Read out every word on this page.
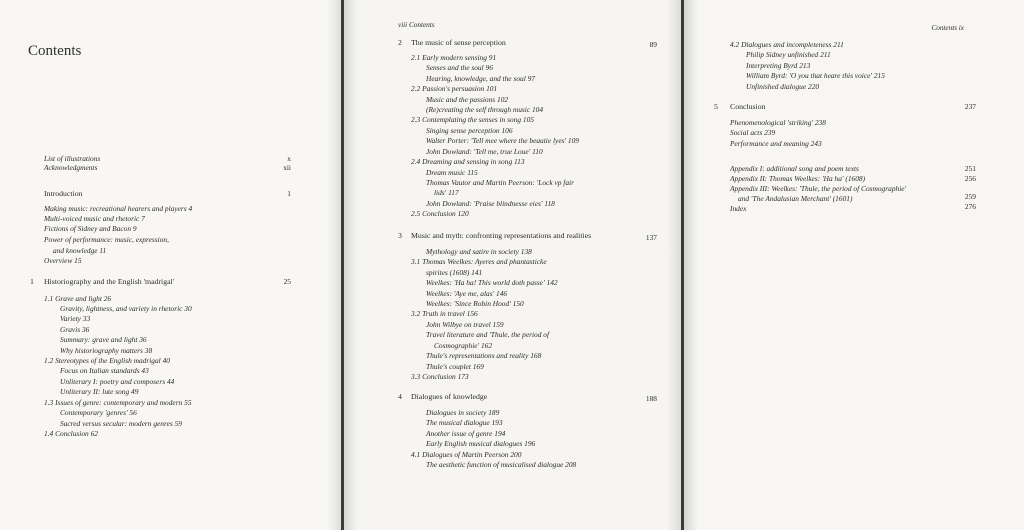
Contents
List of illustrations	x
Acknowledgments	xii
Introduction	1
Making music: recreational hearers and players 4
Multi-voiced music and rhetoric 7
Fictions of Sidney and Bacon 9
Power of performance: music, expression,
and knowledge 11
Overview 15
1 Historiography and the English 'madrigal'	25
1.1 Grave and light 26
Gravity, lightness, and variety in rhetoric 30
Variety 33
Gravis 36
Summary: grave and light 36
Why historiography matters 38
1.2 Stereotypes of the English madrigal 40
Focus on Italian standards 43
Unliterary I: poetry and composers 44
Unliterary II: lute song 49
1.3 Issues of genre: contemporary and modern 55
Contemporary 'genres' 56
Sacred versus secular: modern genres 59
1.4 Conclusion 62
viii Contents
2 The music of sense perception	89
2.1 Early modern sensing 91
Senses and the soul 96
Hearing, knowledge, and the soul 97
2.2 Passion's persuasion 101
Music and the passions 102
(Re)creating the self through music 104
2.3 Contemplating the senses in song 105
Singing sense perception 106
Walter Porter: 'Tell mee where the beautie lyes' 109
John Dowland: 'Tell me, true Loue' 110
2.4 Dreaming and sensing in song 113
Dream music 115
Thomas Vautor and Martin Peerson: 'Lock vp fair
lids' 117
John Dowland: 'Praise blindnesse eies' 118
2.5 Conclusion 120
3 Music and myth: confronting representations and realities	137
Mythology and satire in society 138
3.1 Thomas Weelkes: Ayeres and phantasticke
spirites (1608) 141
Weelkes: 'Ha ha! This world doth passe' 142
Weelkes: 'Aye me, alas' 146
Weelkes: 'Since Robin Hood' 150
3.2 Truth in travel 156
John Wilbye on travel 159
Travel literature and 'Thule, the period of
Cosmographie' 162
Thule's representations and reality 168
Thule's couplet 169
3.3 Conclusion 173
4 Dialogues of knowledge	188
Dialogues in society 189
The musical dialogue 193
Another issue of genre 194
Early English musical dialogues 196
4.1 Dialogues of Martin Peerson 200
The aesthetic function of musicalised dialogue 208
Contents ix
4.2 Dialogues and incompleteness 211
Philip Sidney unfinished 211
Interpreting Byrd 213
William Byrd: 'O you that heare this voice' 215
Unfinished dialogue 220
5 Conclusion	237
Phenomenological 'striking' 238
Social acts 239
Performance and meaning 243
Appendix I: additional song and poem texts	251
Appendix II: Thomas Weelkes: 'Ha ha' (1608)	256
Appendix III: Weelkes: 'Thule, the period of Cosmographie'
and 'The Andalusian Merchant' (1601)	259
Index	276
